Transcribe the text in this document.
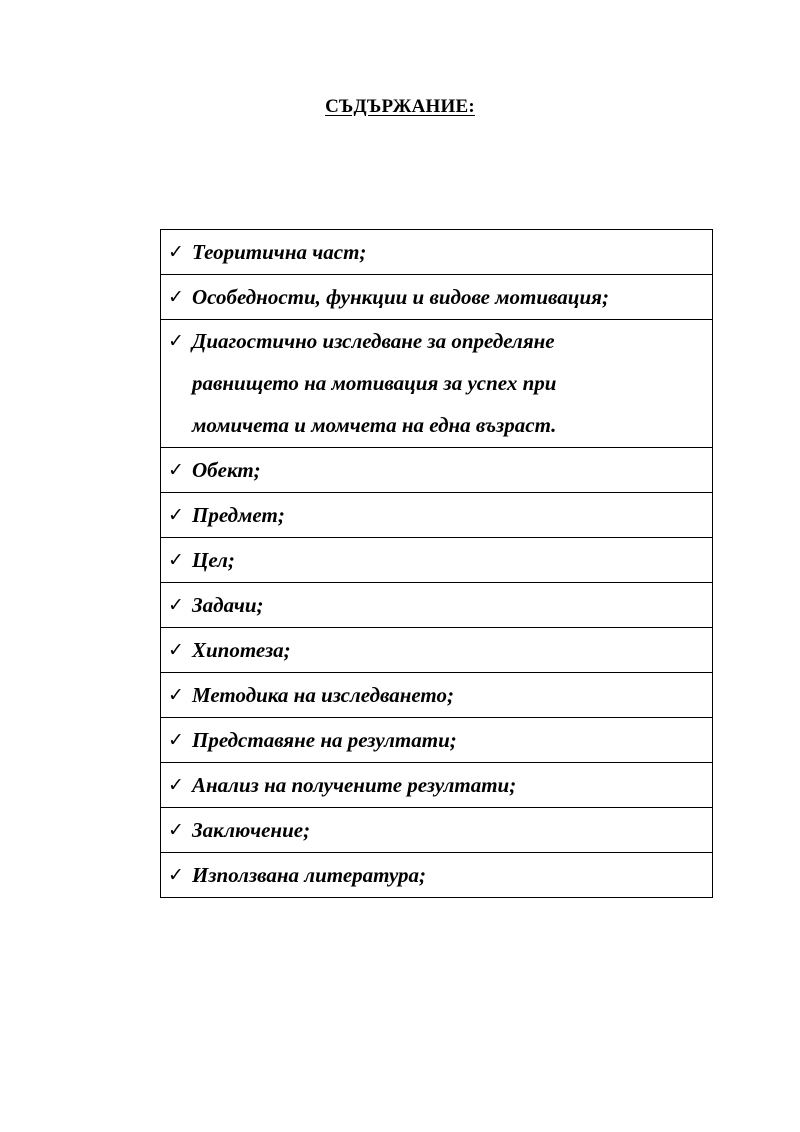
СЪДЪРЖАНИЕ:
✓ Теоритична част;

✓ Особедности, функции и видове мотивация;

✓ Диагостично изследване за определяне
равнището на мотивация за успех при
момичета и момчета на една възраст.

✓ Обект;

✓ Предмет;

✓ Цел;

✓ Задачи;

✓ Хипотеза;

✓ Методика на изследването;

✓ Представяне на резултати;

✓ Анализ на получените резултати;

✓ Заключение;

✓ Използвана литература;
